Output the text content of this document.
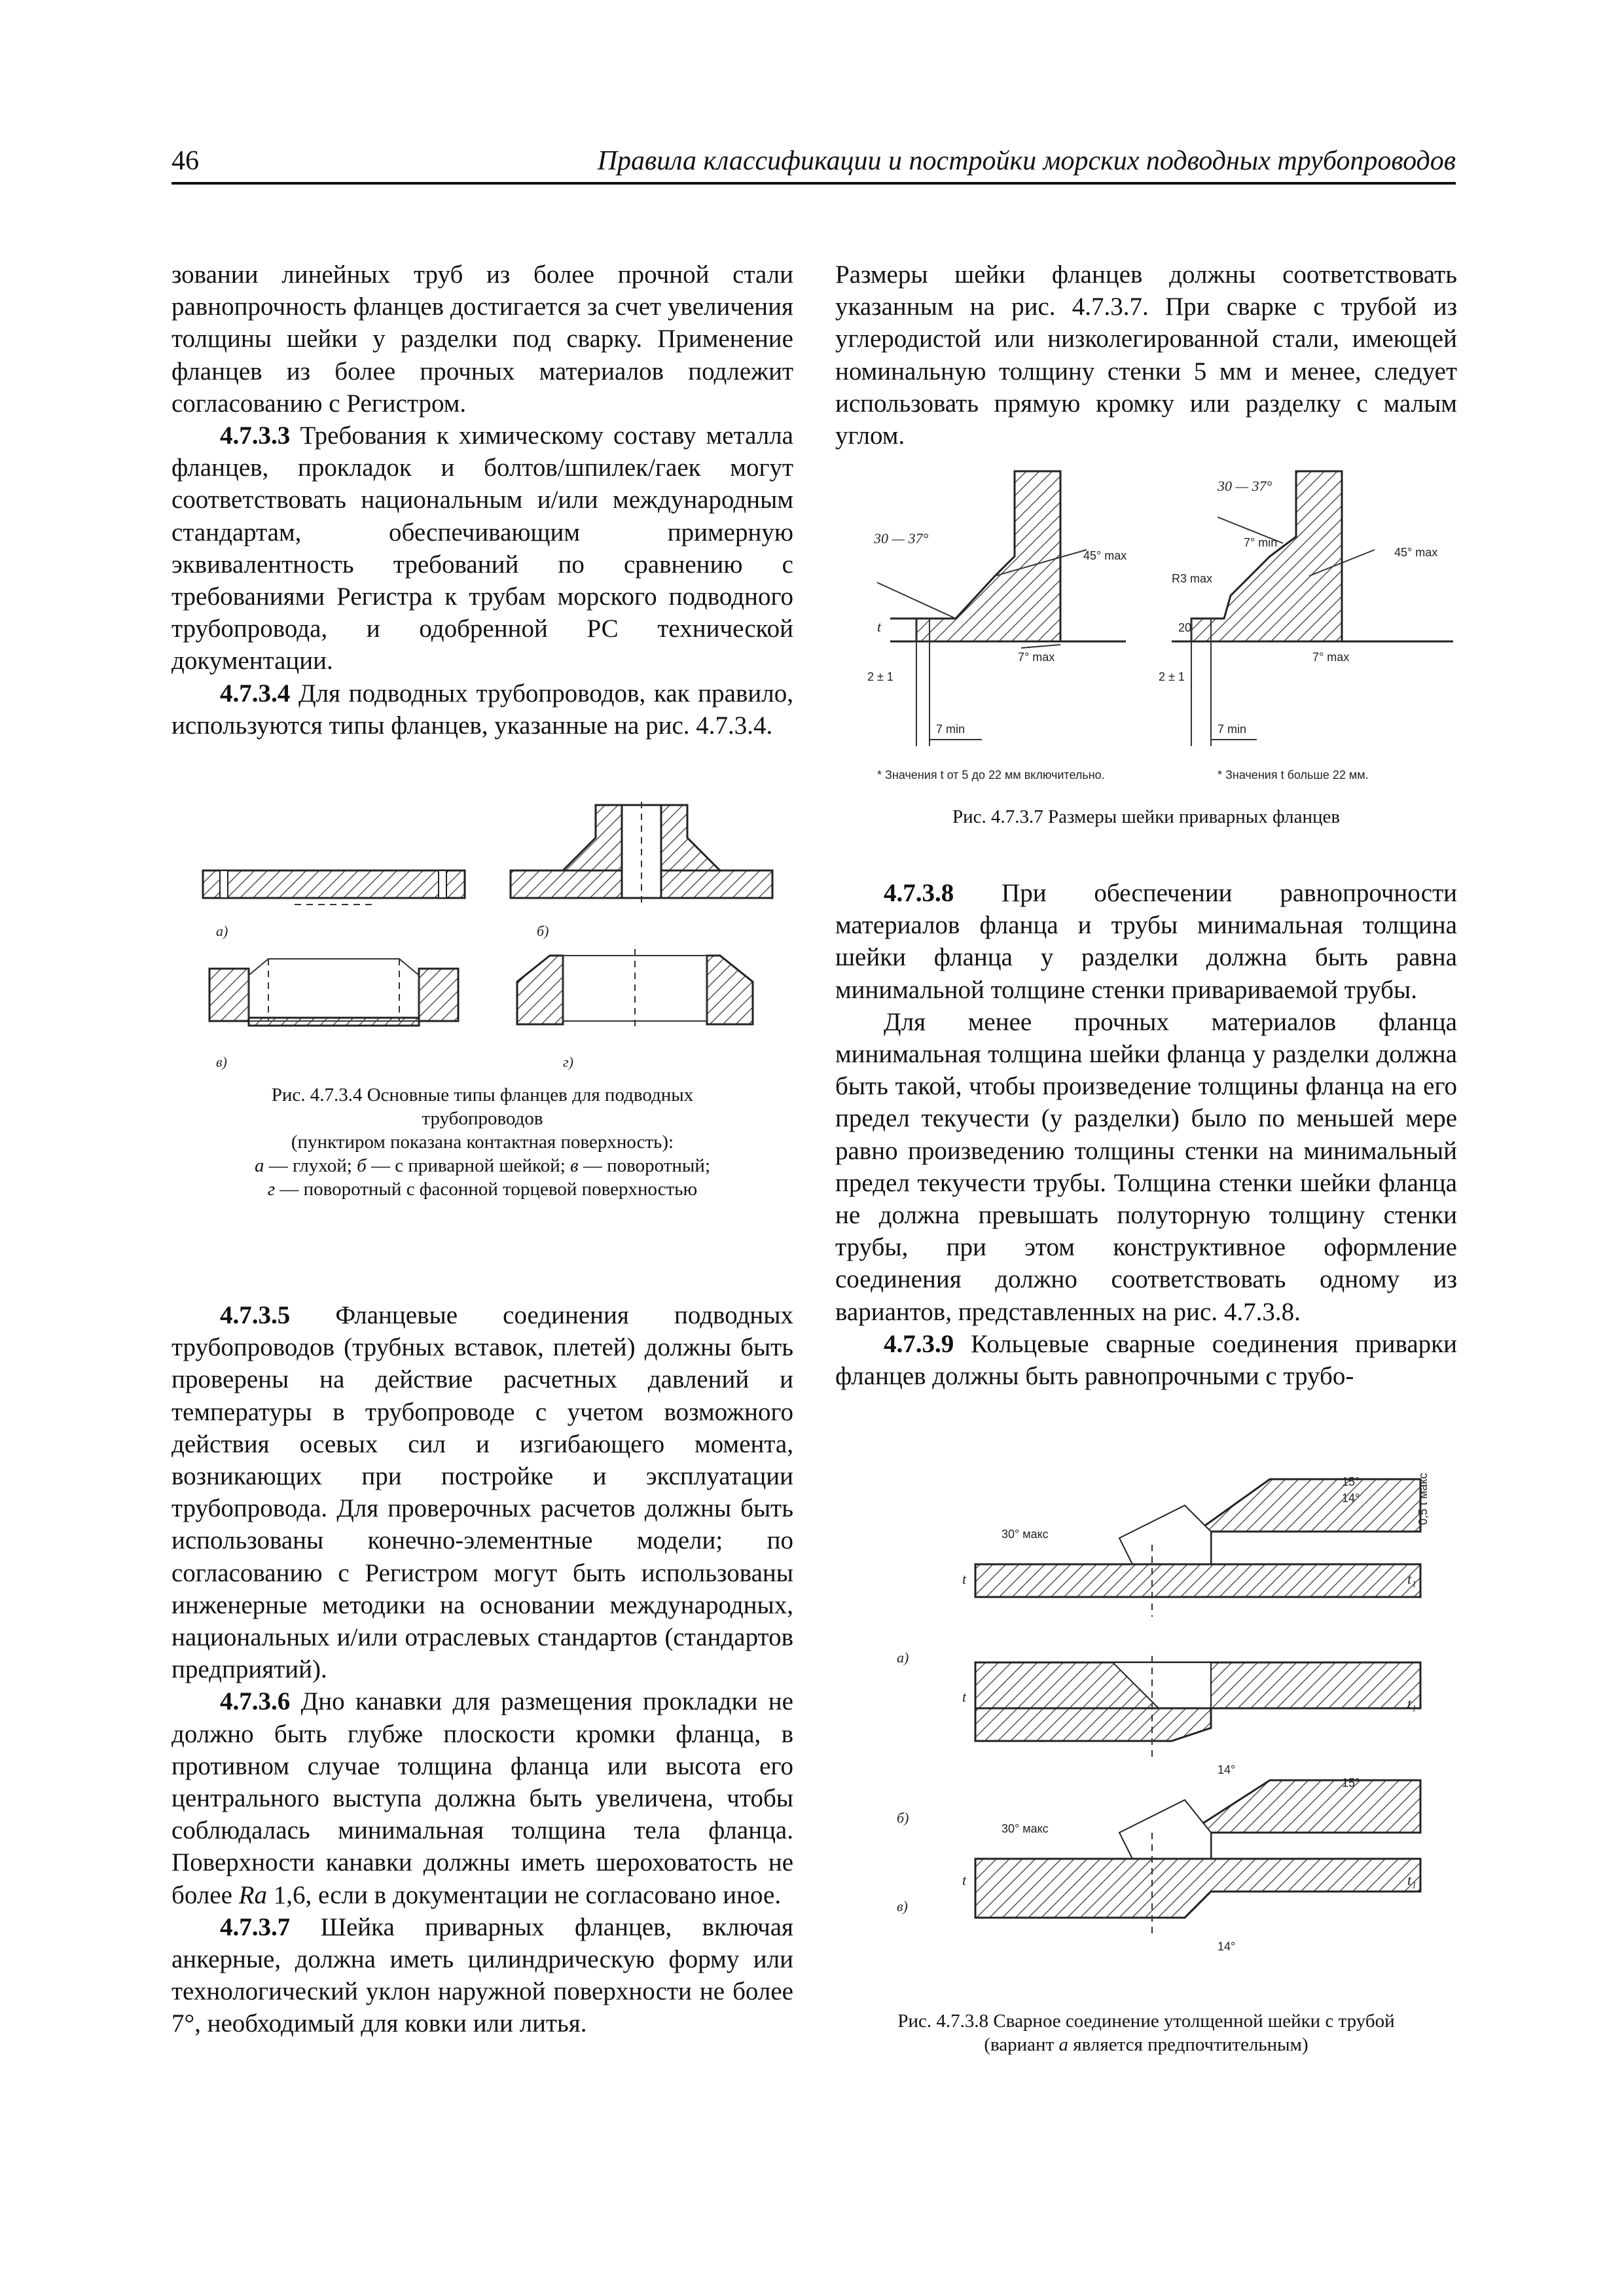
46	Правила классификации и постройки морских подводных трубопроводов

зовании линейных труб из более прочной стали равнопрочность фланцев достигается за счет увеличения толщины шейки у разделки под сварку. Применение фланцев из более прочных материалов подлежит согласованию с Регистром.

4.7.3.3 Требования к химическому составу металла фланцев, прокладок и болтов/шпилек/гаек могут соответствовать национальным и/или международным стандартам, обеспечивающим примерную эквивалентность требований по сравнению с требованиями Регистра к трубам морского подводного трубопровода, и одобренной РС технической документации.

4.7.3.4 Для подводных трубопроводов, как правило, используются типы фланцев, указанные на рис. 4.7.3.4.

а)	б)
в)	г)
Рис. 4.7.3.4 Основные типы фланцев для подводных
трубопроводов
(пунктиром показана контактная поверхность):
а — глухой; б — с приварной шейкой; в — поворотный;
г — поворотный с фасонной торцевой поверхностью

4.7.3.5 Фланцевые соединения подводных трубопроводов (трубных вставок, плетей) должны быть проверены на действие расчетных давлений и температуры в трубопроводе с учетом возможного действия осевых сил и изгибающего момента, возникающих при постройке и эксплуатации трубопровода. Для проверочных расчетов должны быть использованы конечно-элементные модели; по согласованию с Регистром могут быть использованы инженерные методики на основании международных, национальных и/или отраслевых стандартов (стандартов предприятий).

4.7.3.6 Дно канавки для размещения прокладки не должно быть глубже плоскости кромки фланца, в противном случае толщина фланца или высота его центрального выступа должна быть увеличена, чтобы соблюдалась минимальная толщина тела фланца. Поверхности канавки должны иметь шероховатость не более Ra 1,6, если в документации не согласовано иное.

4.7.3.7 Шейка приварных фланцев, включая анкерные, должна иметь цилиндрическую форму или технологический уклон наружной поверхности не более 7°, необходимый для ковки или литья.

Размеры шейки фланцев должны соответствовать указанным на рис. 4.7.3.7. При сварке с трубой из углеродистой или низколегированной стали, имеющей номинальную толщину стенки 5 мм и менее, следует использовать прямую кромку или разделку с малым углом.

30 — 37°
45° max
7° max
7 min
t
2 ± 1
* Значения t от 5 до 22 мм включительно.
30 — 37°
7° min
45° max
R3 max
20
7° max
7 min
2 ± 1
* Значения t больше 22 мм.
Рис. 4.7.3.7 Размеры шейки приварных фланцев

4.7.3.8 При обеспечении равнопрочности материалов фланца и трубы минимальная толщина шейки фланца у разделки должна быть равна минимальной толщине стенки привариваемой трубы.

Для менее прочных материалов фланца минимальная толщина шейки фланца у разделки должна быть такой, чтобы произведение толщины фланца на его предел текучести (у разделки) было по меньшей мере равно произведению толщины стенки на минимальный предел текучести трубы. Толщина стенки шейки фланца не должна превышать полуторную толщину стенки трубы, при этом конструктивное оформление соединения должно соответствовать одному из вариантов, представленных на рис. 4.7.3.8.

4.7.3.9 Кольцевые сварные соединения приварки фланцев должны быть равнопрочными с трубо-

а)
30° макс
15°
14°
t	t₁
0,5 t макс
б)
t	t₁
14°
в)
30° макс
15°
t	t₁
14°
Рис. 4.7.3.8 Сварное соединение утолщенной шейки с трубой
(вариант а является предпочтительным)
